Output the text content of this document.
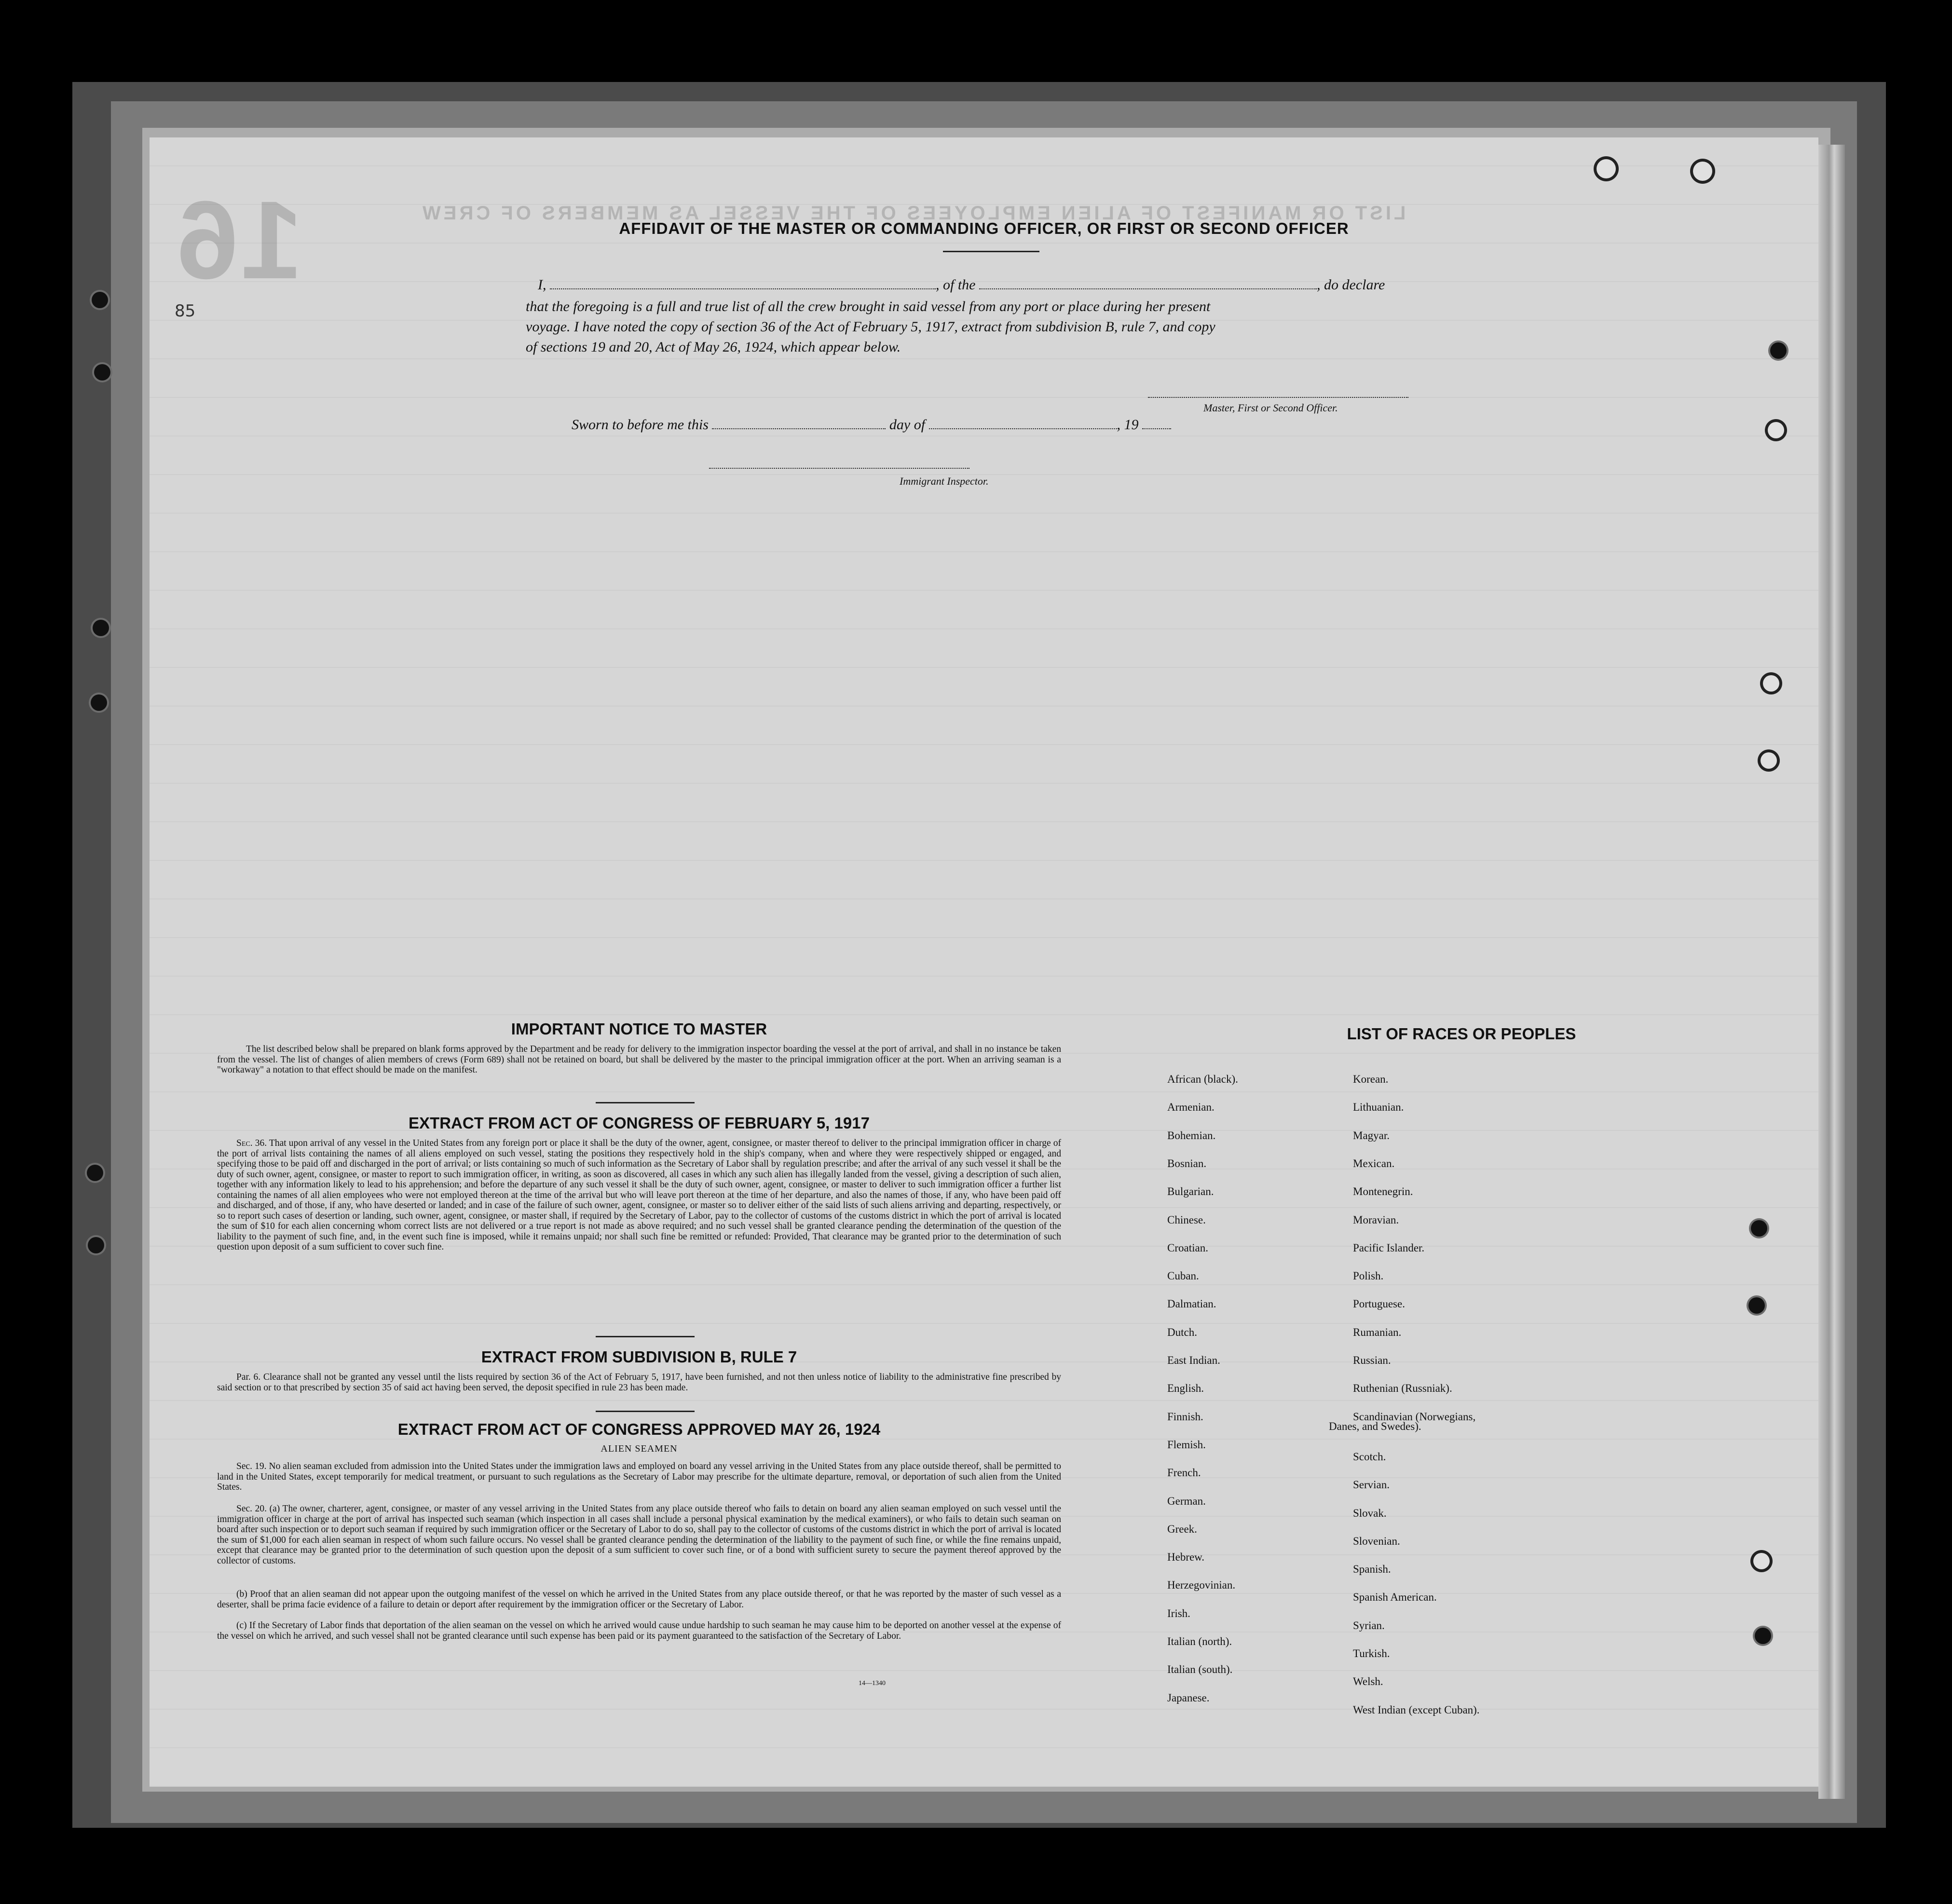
16	LIST OR MANIFEST OF ALIEN EMPLOYEES OF THE VESSEL AS MEMBERS OF CREW
85
AFFIDAVIT OF THE MASTER OR COMMANDING OFFICER, OR FIRST OR SECOND OFFICER
I,	, of the	, do declare
that the foregoing is a full and true list of all the crew brought in said vessel from any port or place during her present
voyage. I have noted the copy of section 36 of the Act of February 5, 1917, extract from subdivision B, rule 7, and copy
of sections 19 and 20, Act of May 26, 1924, which appear below.
Master, First or Second Officer.
Sworn to before me this	day of	, 19
Immigrant Inspector.
IMPORTANT NOTICE TO MASTER
The list described below shall be prepared on blank forms approved by the Department and be ready for delivery to the immigration inspector boarding the vessel at the port of arrival, and shall in no instance be taken from the vessel. The list of changes of alien members of crews (Form 689) shall not be retained on board, but shall be delivered by the master to the principal immigration officer at the port. When an arriving seaman is a "workaway" a notation to that effect should be made on the manifest.
EXTRACT FROM ACT OF CONGRESS OF FEBRUARY 5, 1917
Sec. 36. That upon arrival of any vessel in the United States from any foreign port or place it shall be the duty of the owner, agent, consignee, or master thereof to deliver to the principal immigration officer in charge of the port of arrival lists containing the names of all aliens employed on such vessel, stating the positions they respectively hold in the ship's company, when and where they were respectively shipped or engaged, and specifying those to be paid off and discharged in the port of arrival; or lists containing so much of such information as the Secretary of Labor shall by regulation prescribe; and after the arrival of any such vessel it shall be the duty of such owner, agent, consignee, or master to report to such immigration officer, in writing, as soon as discovered, all cases in which any such alien has illegally landed from the vessel, giving a description of such alien, together with any information likely to lead to his apprehension; and before the departure of any such vessel it shall be the duty of such owner, agent, consignee, or master to deliver to such immigration officer a further list containing the names of all alien employees who were not employed thereon at the time of the arrival but who will leave port thereon at the time of her departure, and also the names of those, if any, who have been paid off and discharged, and of those, if any, who have deserted or landed; and in case of the failure of such owner, agent, consignee, or master so to deliver either of the said lists of such aliens arriving and departing, respectively, or so to report such cases of desertion or landing, such owner, agent, consignee, or master shall, if required by the Secretary of Labor, pay to the collector of customs of the customs district in which the port of arrival is located the sum of $10 for each alien concerning whom correct lists are not delivered or a true report is not made as above required; and no such vessel shall be granted clearance pending the determination of the question of the liability to the payment of such fine, and, in the event such fine is imposed, while it remains unpaid; nor shall such fine be remitted or refunded: Provided, That clearance may be granted prior to the determination of such question upon deposit of a sum sufficient to cover such fine.
EXTRACT FROM SUBDIVISION B, RULE 7
Par. 6. Clearance shall not be granted any vessel until the lists required by section 36 of the Act of February 5, 1917, have been furnished, and not then unless notice of liability to the administrative fine prescribed by said section or to that prescribed by section 35 of said act having been served, the deposit specified in rule 23 has been made.
EXTRACT FROM ACT OF CONGRESS APPROVED MAY 26, 1924
ALIEN SEAMEN
Sec. 19. No alien seaman excluded from admission into the United States under the immigration laws and employed on board any vessel arriving in the United States from any place outside thereof, shall be permitted to land in the United States, except temporarily for medical treatment, or pursuant to such regulations as the Secretary of Labor may prescribe for the ultimate departure, removal, or deportation of such alien from the United States.
Sec. 20. (a) The owner, charterer, agent, consignee, or master of any vessel arriving in the United States from any place outside thereof who fails to detain on board any alien seaman employed on such vessel until the immigration officer in charge at the port of arrival has inspected such seaman (which inspection in all cases shall include a personal physical examination by the medical examiners), or who fails to detain such seaman on board after such inspection or to deport such seaman if required by such immigration officer or the Secretary of Labor to do so, shall pay to the collector of customs of the customs district in which the port of arrival is located the sum of $1,000 for each alien seaman in respect of whom such failure occurs. No vessel shall be granted clearance pending the determination of the liability to the payment of such fine, or while the fine remains unpaid, except that clearance may be granted prior to the determination of such question upon the deposit of a sum sufficient to cover such fine, or of a bond with sufficient surety to secure the payment thereof approved by the collector of customs.
(b) Proof that an alien seaman did not appear upon the outgoing manifest of the vessel on which he arrived in the United States from any place outside thereof, or that he was reported by the master of such vessel as a deserter, shall be prima facie evidence of a failure to detain or deport after requirement by the immigration officer or the Secretary of Labor.
(c) If the Secretary of Labor finds that deportation of the alien seaman on the vessel on which he arrived would cause undue hardship to such seaman he may cause him to be deported on another vessel at the expense of the vessel on which he arrived, and such vessel shall not be granted clearance until such expense has been paid or its payment guaranteed to the satisfaction of the Secretary of Labor.
14—1340
LIST OF RACES OR PEOPLES
Danes, and Swedes).
African (black).
Armenian.
Bohemian.
Bosnian.
Bulgarian.
Chinese.
Croatian.
Cuban.
Dalmatian.
Dutch.
East Indian.
English.
Finnish.
Flemish.
French.
German.
Greek.
Hebrew.
Herzegovinian.
Irish.
Italian (north).
Italian (south).
Japanese.
Korean.
Lithuanian.
Magyar.
Mexican.
Montenegrin.
Moravian.
Pacific Islander.
Polish.
Portuguese.
Rumanian.
Russian.
Ruthenian (Russniak).
Scandinavian (Norwegians,
Scotch.
Servian.
Slovak.
Slovenian.
Spanish.
Spanish American.
Syrian.
Turkish.
Welsh.
West Indian (except Cuban).
